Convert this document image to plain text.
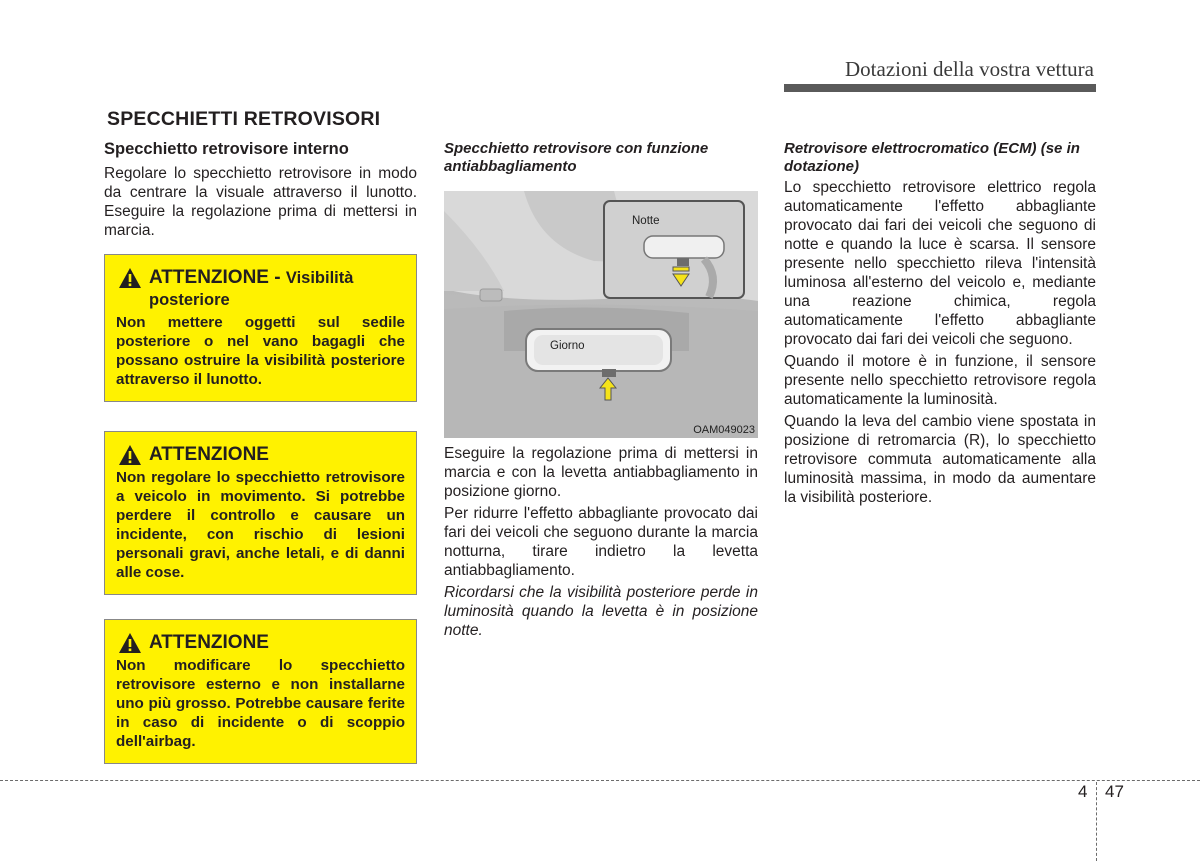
Dotazioni della vostra vettura
SPECCHIETTI RETROVISORI
Specchietto retrovisore interno

Regolare lo specchietto retrovisore in modo da centrare la visuale attraverso il lunotto. Eseguire la regolazione prima di mettersi in marcia.

ATTENZIONE - Visibilità posteriore
Non mettere oggetti sul sedile posteriore o nel vano bagagli che possano ostruire la visibilità posteriore attraverso il lunotto.
ATTENZIONE
Non regolare lo specchietto retrovisore a veicolo in movimento. Si potrebbe perdere il controllo e causare un incidente, con rischio di lesioni personali gravi, anche letali, e di danni alle cose.
ATTENZIONE
Non modificare lo specchietto retrovisore esterno e non installarne uno più grosso. Potrebbe causare ferite in caso di incidente o di scoppio dell'airbag.
Specchietto retrovisore con funzione antiabbagliamento
Notte
Giorno
OAM049023

Eseguire la regolazione prima di mettersi in marcia e con la levetta antiabbagliamento in posizione giorno.

Per ridurre l'effetto abbagliante provocato dai fari dei veicoli che seguono durante la marcia notturna, tirare indietro la levetta antiabbagliamento.

Ricordarsi che la visibilità posteriore perde in luminosità quando la levetta è in posizione notte.

Retrovisore elettrocromatico (ECM) (se in dotazione)

Lo specchietto retrovisore elettrico regola automaticamente l'effetto abbagliante provocato dai fari dei veicoli che seguono di notte e quando la luce è scarsa. Il sensore presente nello specchietto rileva l'intensità luminosa all'esterno del veicolo e, mediante una reazione chimica, regola automaticamente l'effetto abbagliante provocato dai fari dei veicoli che seguono.

Quando il motore è in funzione, il sensore presente nello specchietto retrovisore regola automaticamente la luminosità.

Quando la leva del cambio viene spostata in posizione di retromarcia (R), lo specchietto retrovisore commuta automaticamente alla luminosità massima, in modo da aumentare la visibilità posteriore.

4 47
